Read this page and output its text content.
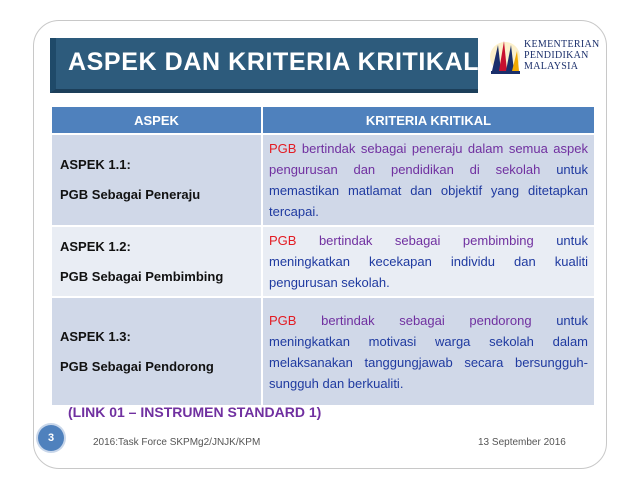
ASPEK DAN KRITERIA KRITIKAL
KEMENTERIAN
PENDIDIKAN
MALAYSIA
ASPEK	KRITERIA KRITIKAL

ASPEK 1.1:
PGB Sebagai Peneraju	PGB bertindak sebagai peneraju dalam semua aspek pengurusan dan pendidikan di sekolah untuk memastikan matlamat dan objektif yang ditetapkan tercapai.

ASPEK 1.2:
PGB Sebagai Pembimbing	PGB bertindak sebagai pembimbing untuk meningkatkan kecekapan individu dan kualiti pengurusan sekolah.

ASPEK 1.3:
PGB Sebagai Pendorong	PGB bertindak sebagai pendorong untuk meningkatkan motivasi warga sekolah dalam melaksanakan tanggungjawab secara bersungguh-sungguh dan berkualiti.
(LINK 01 – INSTRUMEN STANDARD 1)
3	2016:Task Force SKPMg2/JNJK/KPM	13 September 2016
